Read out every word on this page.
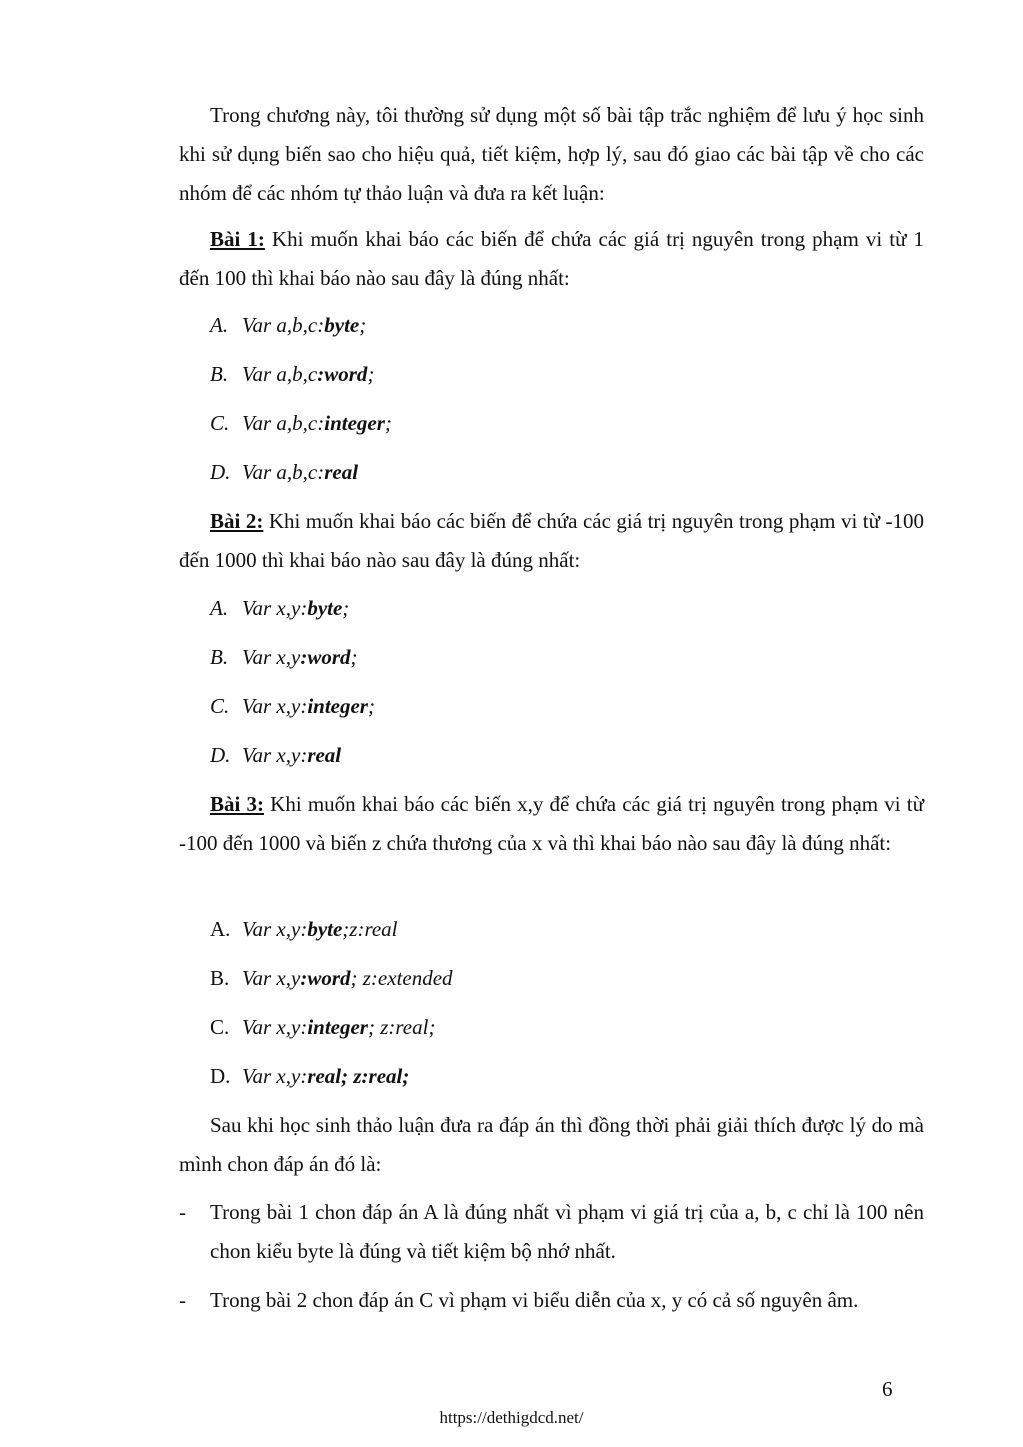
Trong chương này, tôi thường sử dụng một số bài tập trắc nghiệm để lưu ý học sinh khi sử dụng biến sao cho hiệu quả, tiết kiệm, hợp lý, sau đó giao các bài tập về cho các nhóm để các nhóm tự thảo luận và đưa ra kết luận:

Bài 1: Khi muốn khai báo các biến để chứa các giá trị nguyên trong phạm vi từ 1 đến 100 thì khai báo nào sau đây là đúng nhất:

A. Var a,b,c:byte;
B. Var a,b,c:word;
C. Var a,b,c:integer;
D. Var a,b,c:real

Bài 2: Khi muốn khai báo các biến để chứa các giá trị nguyên trong phạm vi từ -100 đến 1000 thì khai báo nào sau đây là đúng nhất:

A. Var x,y:byte;
B. Var x,y:word;
C. Var x,y:integer;
D. Var x,y:real

Bài 3: Khi muốn khai báo các biến x,y để chứa các giá trị nguyên trong phạm vi từ -100 đến 1000 và biến z chứa thương của x và thì khai báo nào sau đây là đúng nhất:

A. Var x,y:byte;z:real
B. Var x,y:word; z:extended
C. Var x,y:integer; z:real;
D. Var x,y:real; z:real;

Sau khi học sinh thảo luận đưa ra đáp án thì đồng thời phải giải thích được lý do mà mình chon đáp án đó là:

- Trong bài 1 chon đáp án A là đúng nhất vì phạm vi giá trị của a, b, c chỉ là 100 nên chon kiểu byte là đúng và tiết kiệm bộ nhớ nhất.

- Trong bài 2 chon đáp án C vì phạm vi biểu diễn của x, y có cả số nguyên âm.

6
https://dethigdcd.net/
